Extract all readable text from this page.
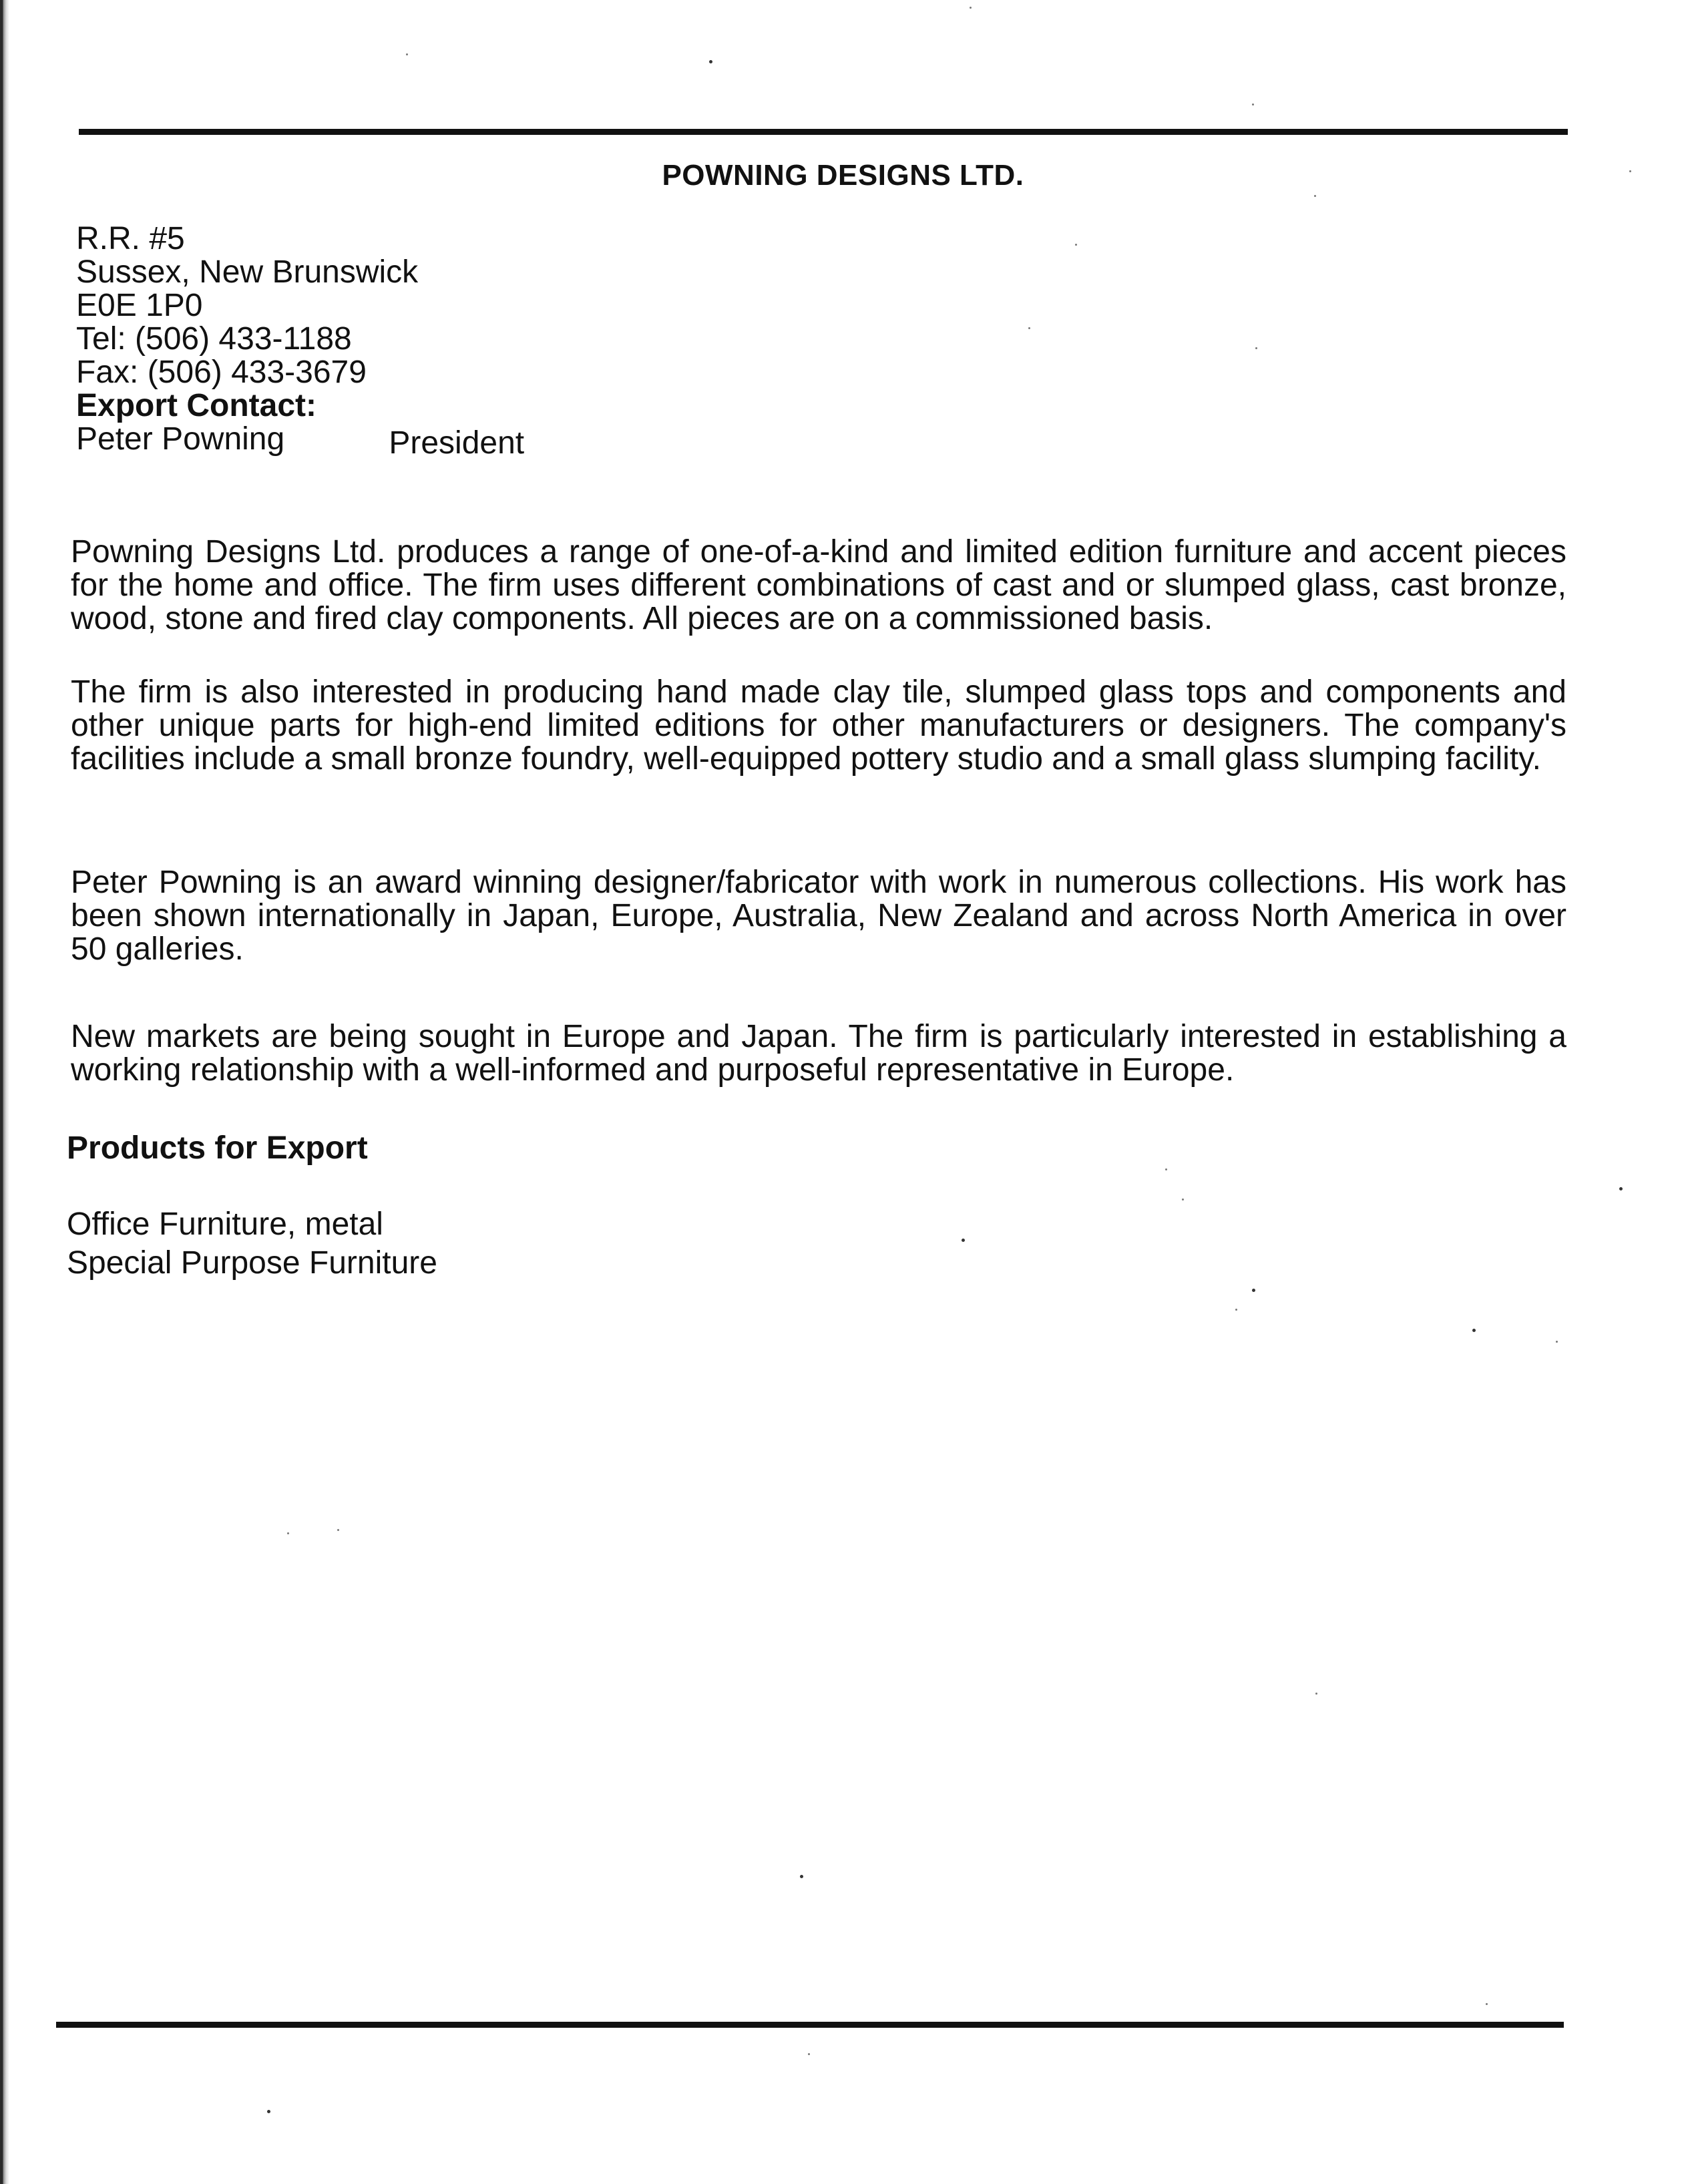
POWNING DESIGNS LTD.
R.R. #5
Sussex, New Brunswick
E0E 1P0
Tel: (506) 433-1188
Fax: (506) 433-3679
Export Contact:
Peter Powning	President

Powning Designs Ltd. produces a range of one-of-a-kind and limited edition furniture and accent pieces for the home and office. The firm uses different combinations of cast and or slumped glass, cast bronze, wood, stone and fired clay components. All pieces are on a commissioned basis.

The firm is also interested in producing hand made clay tile, slumped glass tops and components and other unique parts for high-end limited editions for other manufacturers or designers. The company's facilities include a small bronze foundry, well-equipped pottery studio and a small glass slumping facility.

Peter Powning is an award winning designer/fabricator with work in numerous collections. His work has been shown internationally in Japan, Europe, Australia, New Zealand and across North America in over 50 galleries.

New markets are being sought in Europe and Japan. The firm is particularly interested in establishing a working relationship with a well-informed and purposeful representative in Europe.

Products for Export
Office Furniture, metal
Special Purpose Furniture
